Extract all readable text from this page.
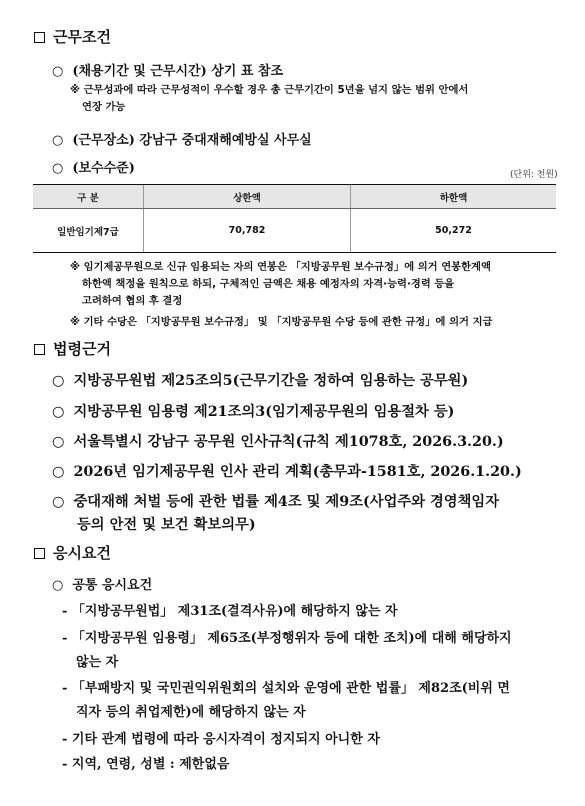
근무조건
○ (채용기간 및 근무시간) 상기 표 참조
※ 근무성과에 따라 근무성적이 우수할 경우 총 근무기간이 5년을 넘지 않는 범위 안에서
연장 가능
○ (근무장소) 강남구 중대재해예방실 사무실
○ (보수수준)	(단위: 천원)
구 분	상한액	하한액
일반임기제7급	70,782	50,272
※ 임기제공무원으로 신규 임용되는 자의 연봉은 「지방공무원 보수규정」에 의거 연봉한계액
하한액 책정을 원칙으로 하되, 구체적인 금액은 채용 예정자의 자격·능력·경력 등을
고려하여 협의 후 결정
※ 기타 수당은 「지방공무원 보수규정」 및 「지방공무원 수당 등에 관한 규정」에 의거 지급
법령근거
○ 지방공무원법 제25조의5(근무기간을 정하여 임용하는 공무원)
○ 지방공무원 임용령 제21조의3(임기제공무원의 임용절차 등)
○ 서울특별시 강남구 공무원 인사규칙(규칙 제1078호, 2026.3.20.)
○ 2026년 임기제공무원 인사 관리 계획(총무과-1581호, 2026.1.20.)
○ 중대재해 처벌 등에 관한 법률 제4조 및 제9조(사업주와 경영책임자
등의 안전 및 보건 확보의무)
응시요건
○ 공통 응시요건
- 「지방공무원법」 제31조(결격사유)에 해당하지 않는 자
- 「지방공무원 임용령」 제65조(부정행위자 등에 대한 조치)에 대해 해당하지
않는 자
- 「부패방지 및 국민권익위원회의 설치와 운영에 관한 법률」 제82조(비위 면
직자 등의 취업제한)에 해당하지 않는 자
- 기타 관계 법령에 따라 응시자격이 정지되지 아니한 자
- 지역, 연령, 성별 : 제한없음
